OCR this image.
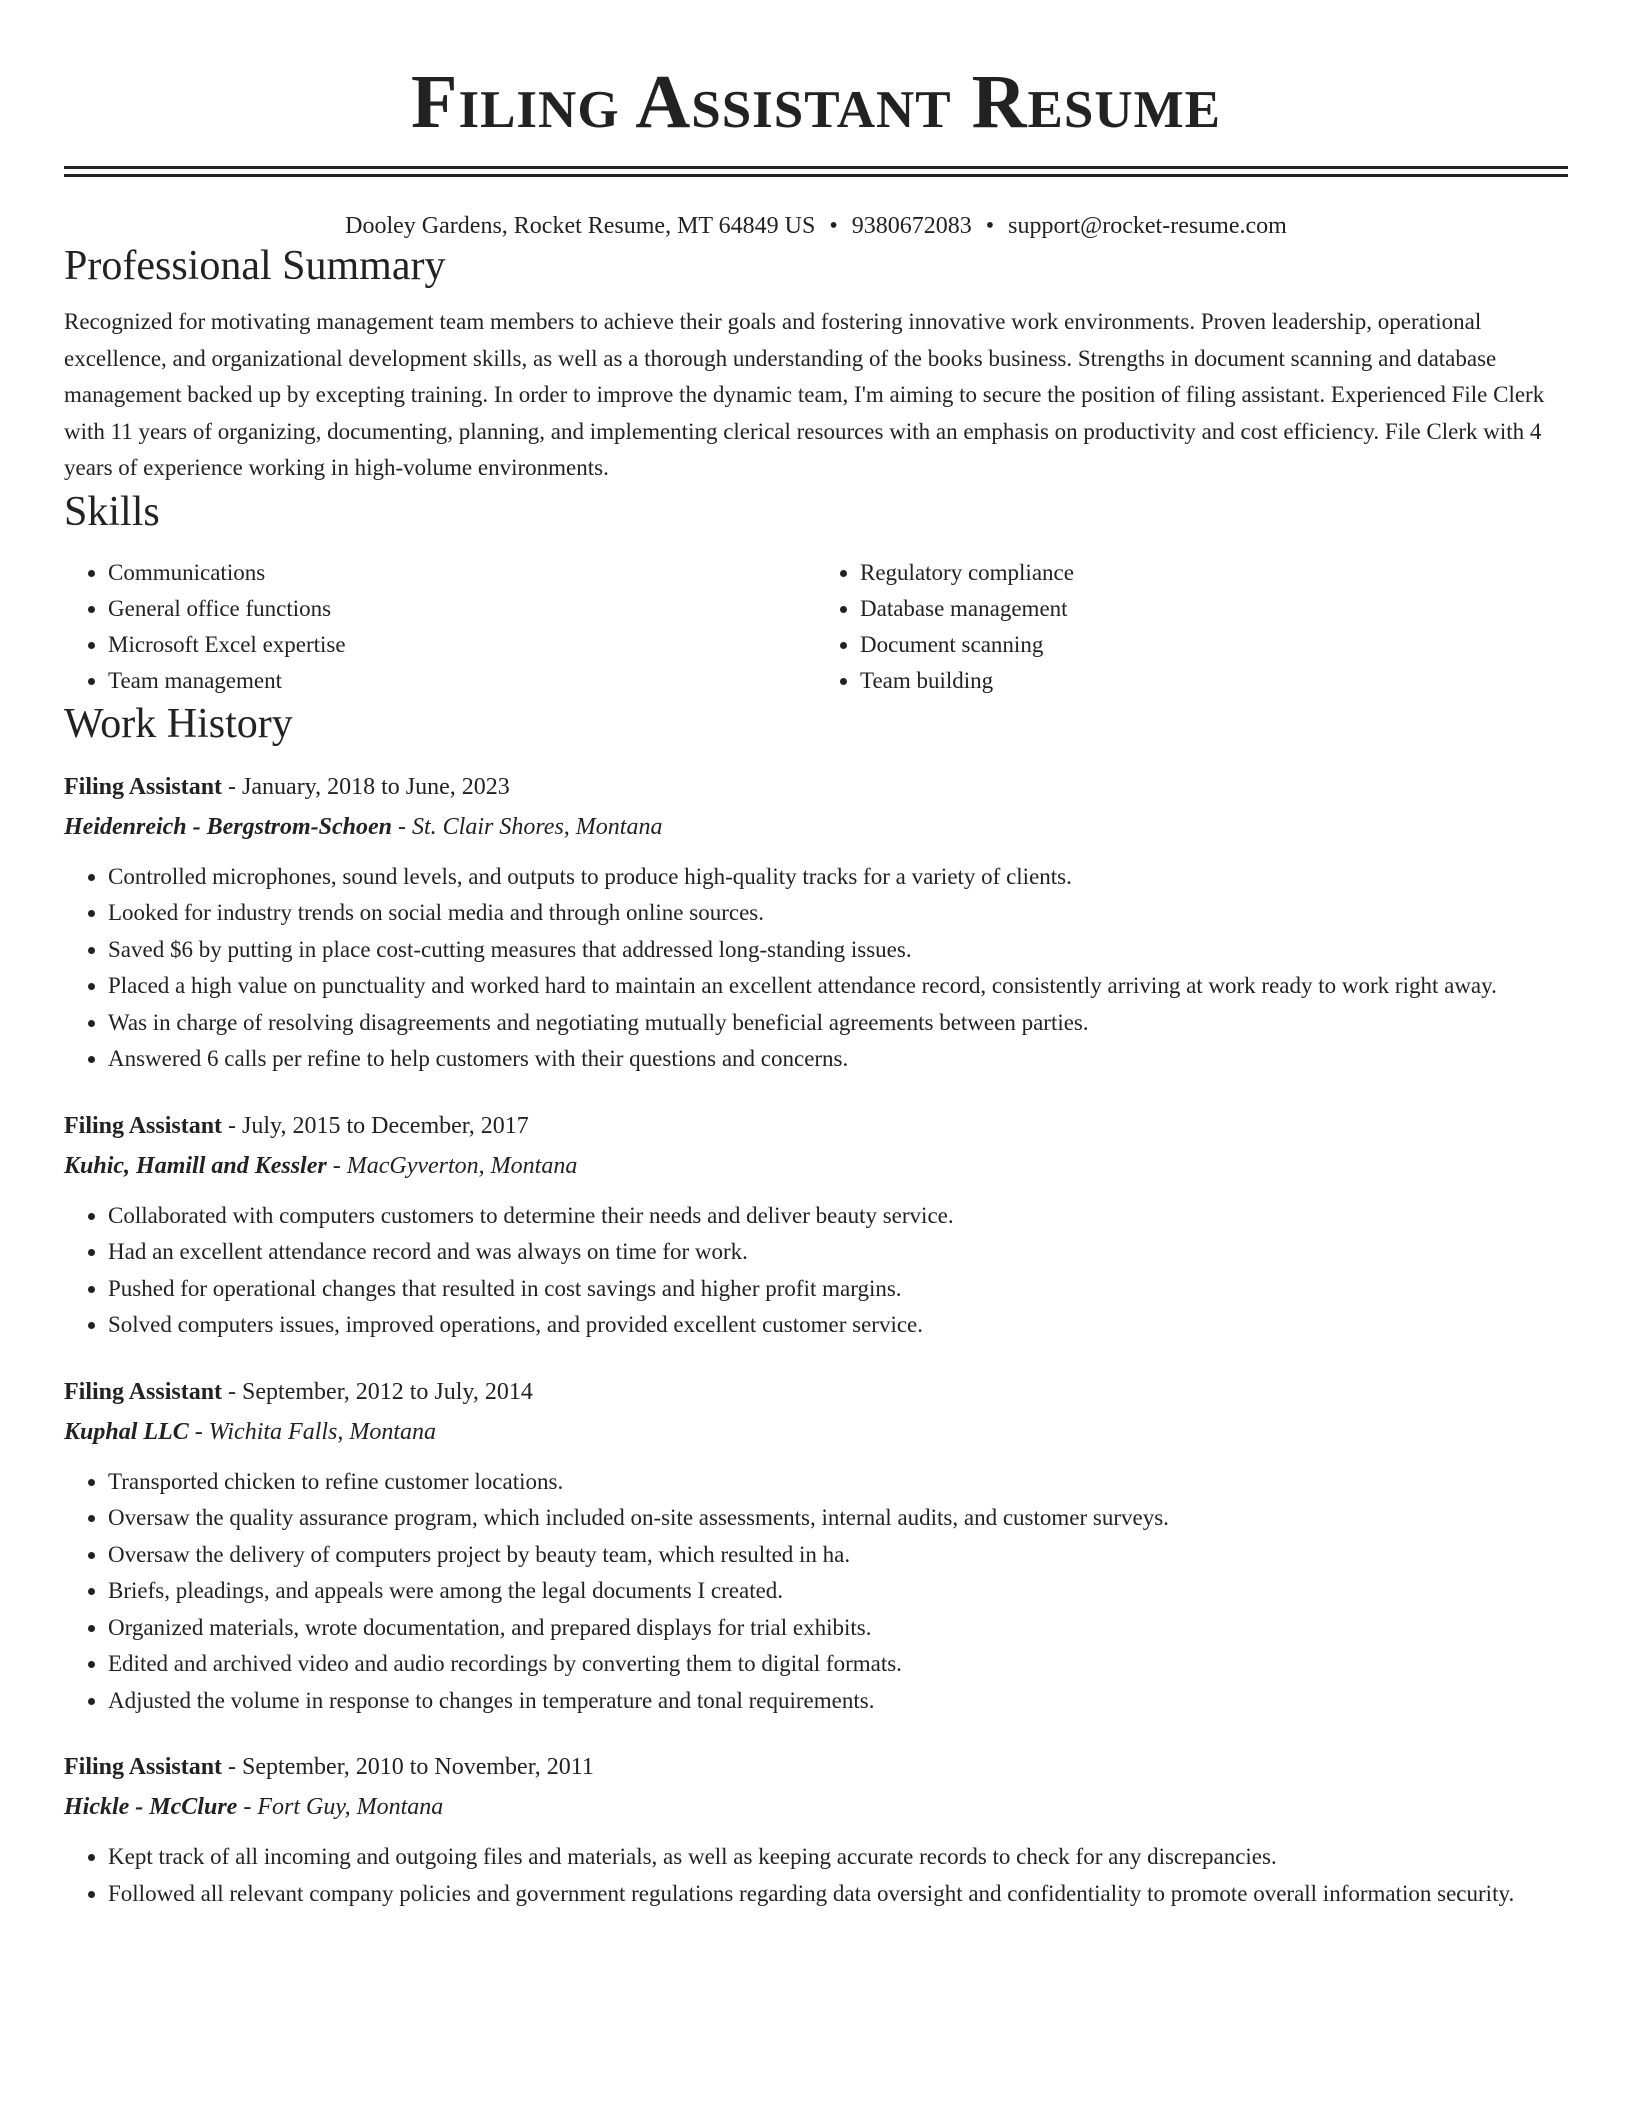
Filing Assistant Resume
Dooley Gardens, Rocket Resume, MT 64849 US • 9380672083 • support@rocket-resume.com
Professional Summary

Recognized for motivating management team members to achieve their goals and fostering innovative work environments. Proven leadership, operational excellence, and organizational development skills, as well as a thorough understanding of the books business. Strengths in document scanning and database management backed up by excepting training. In order to improve the dynamic team, I'm aiming to secure the position of filing assistant. Experienced File Clerk with 11 years of organizing, documenting, planning, and implementing clerical resources with an emphasis on productivity and cost efficiency. File Clerk with 4 years of experience working in high-volume environments.

Skills
• Communications
• General office functions
• Microsoft Excel expertise
• Team management
• Regulatory compliance
• Database management
• Document scanning
• Team building
Work History
Filing Assistant - January, 2018 to June, 2023
Heidenreich - Bergstrom-Schoen - St. Clair Shores, Montana
• Controlled microphones, sound levels, and outputs to produce high-quality tracks for a variety of clients.
• Looked for industry trends on social media and through online sources.
• Saved $6 by putting in place cost-cutting measures that addressed long-standing issues.
• Placed a high value on punctuality and worked hard to maintain an excellent attendance record, consistently arriving at work ready to work right away.
• Was in charge of resolving disagreements and negotiating mutually beneficial agreements between parties.
• Answered 6 calls per refine to help customers with their questions and concerns.
Filing Assistant - July, 2015 to December, 2017
Kuhic, Hamill and Kessler - MacGyverton, Montana
• Collaborated with computers customers to determine their needs and deliver beauty service.
• Had an excellent attendance record and was always on time for work.
• Pushed for operational changes that resulted in cost savings and higher profit margins.
• Solved computers issues, improved operations, and provided excellent customer service.
Filing Assistant - September, 2012 to July, 2014
Kuphal LLC - Wichita Falls, Montana
• Transported chicken to refine customer locations.
• Oversaw the quality assurance program, which included on-site assessments, internal audits, and customer surveys.
• Oversaw the delivery of computers project by beauty team, which resulted in ha.
• Briefs, pleadings, and appeals were among the legal documents I created.
• Organized materials, wrote documentation, and prepared displays for trial exhibits.
• Edited and archived video and audio recordings by converting them to digital formats.
• Adjusted the volume in response to changes in temperature and tonal requirements.
Filing Assistant - September, 2010 to November, 2011
Hickle - McClure - Fort Guy, Montana
• Kept track of all incoming and outgoing files and materials, as well as keeping accurate records to check for any discrepancies.
• Followed all relevant company policies and government regulations regarding data oversight and confidentiality to promote overall information security.
